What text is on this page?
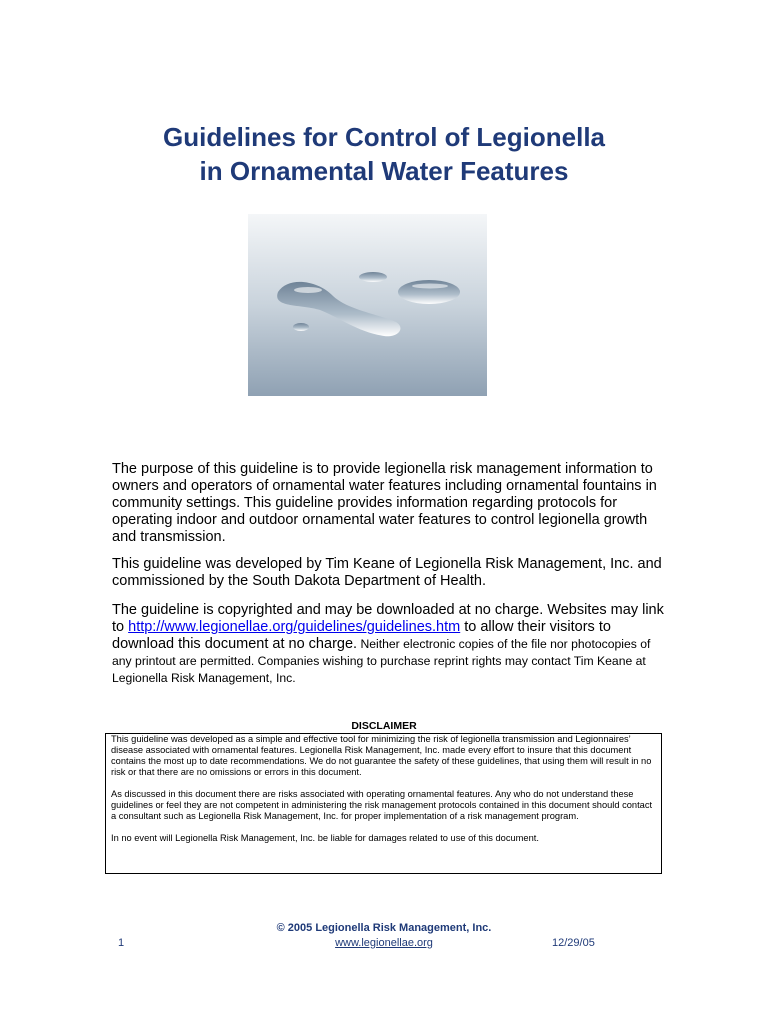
Guidelines for Control of Legionella
in Ornamental Water Features

The purpose of this guideline is to provide legionella risk management information to owners and operators of ornamental water features including ornamental fountains in community settings. This guideline provides information regarding protocols for operating indoor and outdoor ornamental water features to control legionella growth and transmission.

This guideline was developed by Tim Keane of Legionella Risk Management, Inc. and commissioned by the South Dakota Department of Health.

The guideline is copyrighted and may be downloaded at no charge. Websites may link to http://www.legionellae.org/guidelines/guidelines.htm to allow their visitors to download this document at no charge. Neither electronic copies of the file nor photocopies of any printout are permitted. Companies wishing to purchase reprint rights may contact Tim Keane at Legionella Risk Management, Inc.

DISCLAIMER

This guideline was developed as a simple and effective tool for minimizing the risk of legionella transmission and Legionnaires’ disease associated with ornamental features. Legionella Risk Management, Inc. made every effort to insure that this document contains the most up to date recommendations. We do not guarantee the safety of these guidelines, that using them will result in no risk or that there are no omissions or errors in this document.

As discussed in this document there are risks associated with operating ornamental features. Any who do not understand these guidelines or feel they are not competent in administering the risk management protocols contained in this document should contact a consultant such as Legionella Risk Management, Inc. for proper implementation of a risk management program.

In no event will Legionella Risk Management, Inc. be liable for damages related to use of this document.

© 2005 Legionella Risk Management, Inc.

1	www.legionellae.org	12/29/05
